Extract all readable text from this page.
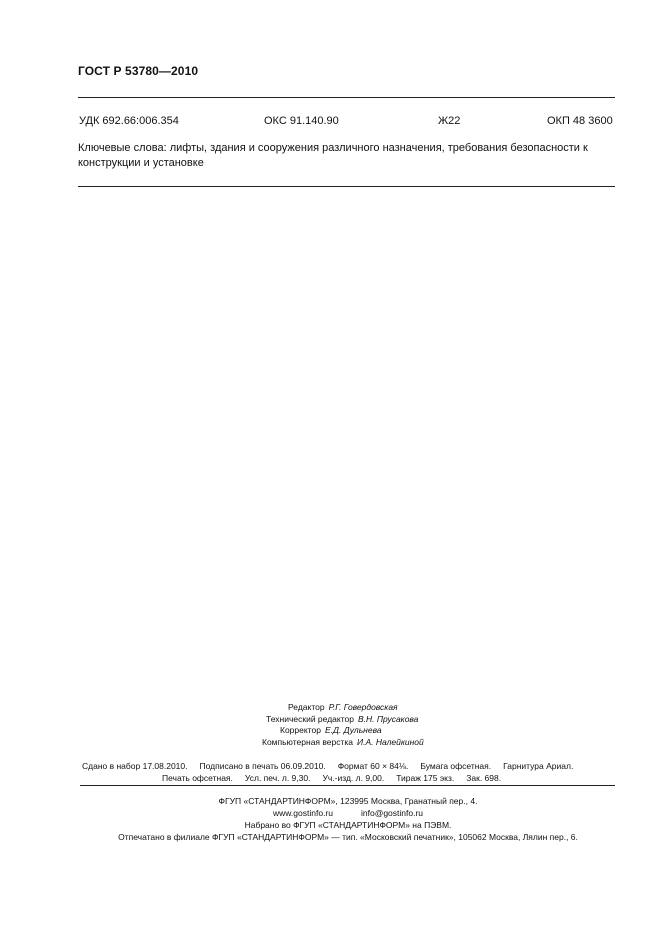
ГОСТ Р 53780—2010
УДК 692.66:006.354	ОКС 91.140.90	Ж22	ОКП 48 3600
Ключевые слова: лифты, здания и сооружения различного назначения, требования безопасности к конструкции и установке
Редактор Р.Г. Говердовская
Технический редактор В.Н. Прусакова
Корректор Е.Д. Дульнева
Компьютерная верстка И.А. Налейкиной
Сдано в набор 17.08.2010. Подписано в печать 06.09.2010. Формат 60 × 84⅛. Бумага офсетная. Гарнитура Ариал.
Печать офсетная. Усл. печ. л. 9,30. Уч.-изд. л. 9,00. Тираж 175 экз. Зак. 698.
ФГУП «СТАНДАРТИНФОРМ», 123995 Москва, Гранатный пер., 4.
www.gostinfo.ru	info@gostinfo.ru
Набрано во ФГУП «СТАНДАРТИНФОРМ» на ПЭВМ.
Отпечатано в филиале ФГУП «СТАНДАРТИНФОРМ» — тип. «Московский печатник», 105062 Москва, Лялин пер., 6.
